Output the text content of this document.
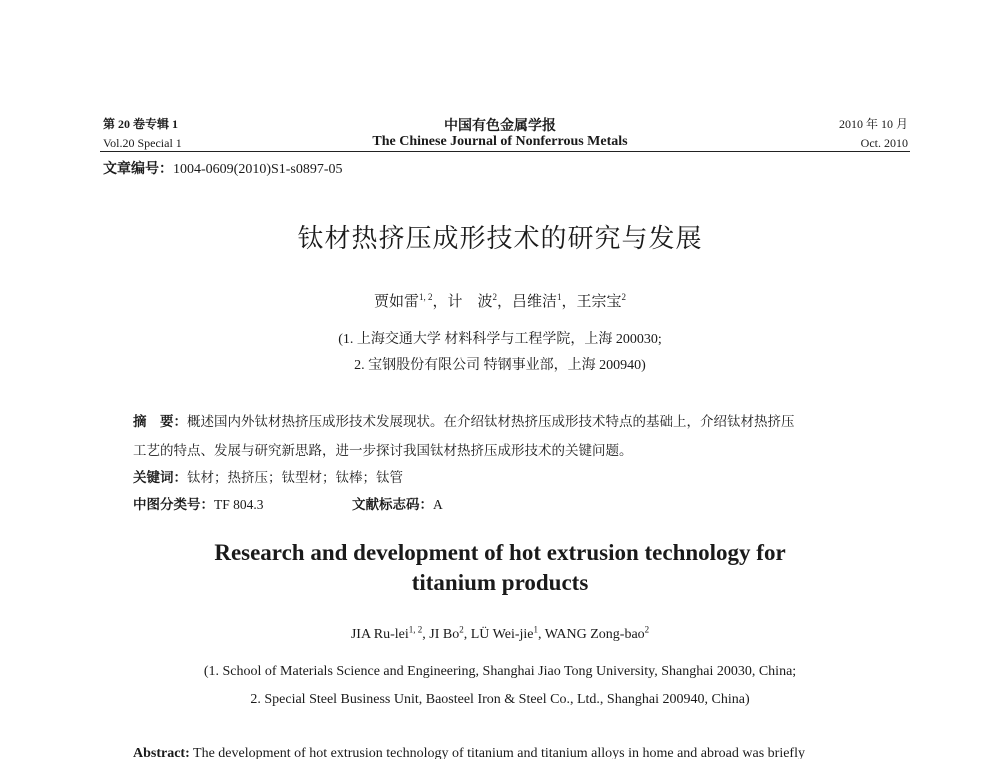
第 20 卷专辑 1
Vol.20 Special 1
中国有色金属学报
The Chinese Journal of Nonferrous Metals
2010 年 10 月
Oct. 2010
文章编号：1004-0609(2010)S1-s0897-05
钛材热挤压成形技术的研究与发展
贾如雷$^{1, 2}$，计　波$^2$，吕维洁$^1$，王宗宝$^2$
(1. 上海交通大学 材料科学与工程学院，上海 200030;
2. 宝钢股份有限公司 特钢事业部，上海 200940)
摘　要：概述国内外钛材热挤压成形技术发展现状。在介绍钛材热挤压成形技术特点的基础上，介绍钛材热挤压
工艺的特点、发展与研究新思路，进一步探讨我国钛材热挤压成形技术的关键问题。
关键词：钛材；热挤压；钛型材；钛棒；钛管
中图分类号：TF 804.3	文献标志码：A
Research and development of hot extrusion technology for
titanium products
JIA Ru-lei$^{1, 2}$, JI Bo$^2$, LÜ Wei-jie$^1$, WANG Zong-bao$^2$
(1. School of Materials Science and Engineering, Shanghai Jiao Tong University, Shanghai 20030, China;
2. Special Steel Business Unit, Baosteel Iron & Steel Co., Ltd., Shanghai 200940, China)
Abstract: The development of hot extrusion technology of titanium and titanium alloys in home and abroad was briefly
